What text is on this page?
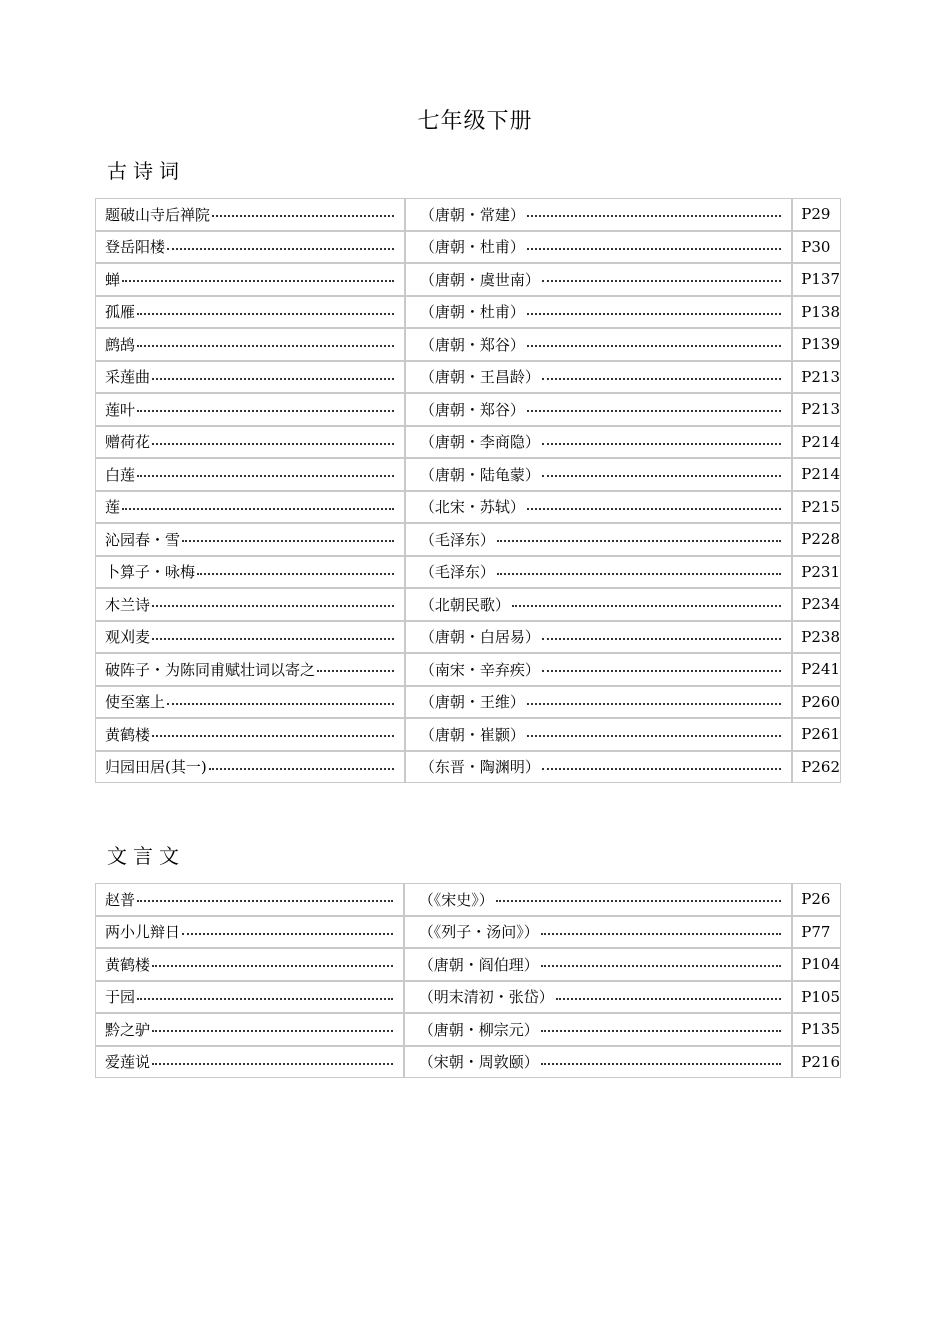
七年级下册
古诗词
题破山寺后禅院	（唐朝・常建）	P29

登岳阳楼	（唐朝・杜甫）	P30

蝉	（唐朝・虞世南）	P137

孤雁	（唐朝・杜甫）	P138

鹧鸪	（唐朝・郑谷）	P139

采莲曲	（唐朝・王昌龄）	P213

莲叶	（唐朝・郑谷）	P213

赠荷花	（唐朝・李商隐）	P214

白莲	（唐朝・陆龟蒙）	P214

莲	（北宋・苏轼）	P215

沁园春・雪	（毛泽东）	P228

卜算子・咏梅	（毛泽东）	P231

木兰诗	（北朝民歌）	P234

观刈麦	（唐朝・白居易）	P238

破阵子・为陈同甫赋壮词以寄之	（南宋・辛弃疾）	P241

使至塞上	（唐朝・王维）	P260

黄鹤楼	（唐朝・崔颢）	P261

归园田居(其一)	（东晋・陶渊明）	P262
文言文
赵普	（《宋史》）	P26

两小儿辩日	（《列子・汤问》）	P77

黄鹤楼	（唐朝・阎伯理）	P104

于园	（明末清初・张岱）	P105

黔之驴	（唐朝・柳宗元）	P135

爱莲说	（宋朝・周敦颐）	P216
